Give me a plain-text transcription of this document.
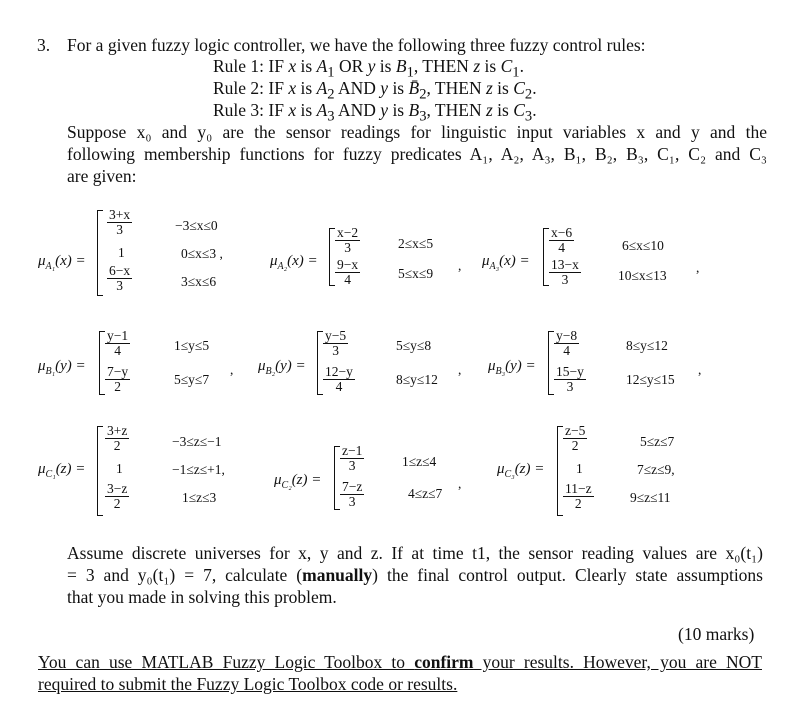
3. For a given fuzzy logic controller, we have the following three fuzzy control rules:
Rule 1: IF x is $A_1$ OR y is $B_1$, THEN z is $C_1$.
Rule 2: IF x is $A_2$ AND y is $B̄_2$, THEN z is $C_2$.
Rule 3: IF x is $A_3$ AND y is $B_3$, THEN z is $C_3$.
Suppose x₀ and y₀ are the sensor readings for linguistic input variables x and y and the
following membership functions for fuzzy predicates A₁, A₂, A₃, B₁, B₂, B₃, C₁, C₂ and C₃
are given:
$\mu_{A_1}(x)$ =
$\frac{3+x}{3}$
1
$\frac{6-x}{3}$
−3≤x≤0
0≤x≤3 ,
3≤x≤6
$\mu_{A_2}(x)$ =
$\frac{x-2}{3}$
$\frac{9-x}{4}$
2≤x≤5
5≤x≤9
, $\mu_{A_3}(x)$ =
$\frac{x-6}{4}$
$\frac{13-x}{3}$
6≤x≤10
10≤x≤13
,
$\mu_{B_1}(y)$ =
$\frac{y-1}{4}$
$\frac{7-y}{2}$
1≤y≤5
5≤y≤7
, $\mu_{B_2}(y)$ =
$\frac{y-5}{3}$
$\frac{12-y}{4}$
5≤y≤8
8≤y≤12
, $\mu_{B_3}(y)$ =
$\frac{y-8}{4}$
$\frac{15-y}{3}$
8≤y≤12
12≤y≤15
,
$\mu_{C_1}(z)$ =
$\frac{3+z}{2}$
1
$\frac{3-z}{2}$
−3≤z≤−1
−1≤z≤+1,
1≤z≤3
$\mu_{C_2}(z)$ =
$\frac{z-1}{3}$
$\frac{7-z}{3}$
1≤z≤4
4≤z≤7
,
$\mu_{C_3}(z)$ =
$\frac{z-5}{2}$
1
$\frac{11-z}{2}$
5≤z≤7
7≤z≤9,
9≤z≤11
Assume discrete universes for x, y and z. If at time t1, the sensor reading values are x₀(t₁)
= 3 and y₀(t₁) = 7, calculate (manually) the final control output. Clearly state assumptions
that you made in solving this problem.
(10 marks)
You can use MATLAB Fuzzy Logic Toolbox to confirm your results. However, you are NOT
required to submit the Fuzzy Logic Toolbox code or results.
